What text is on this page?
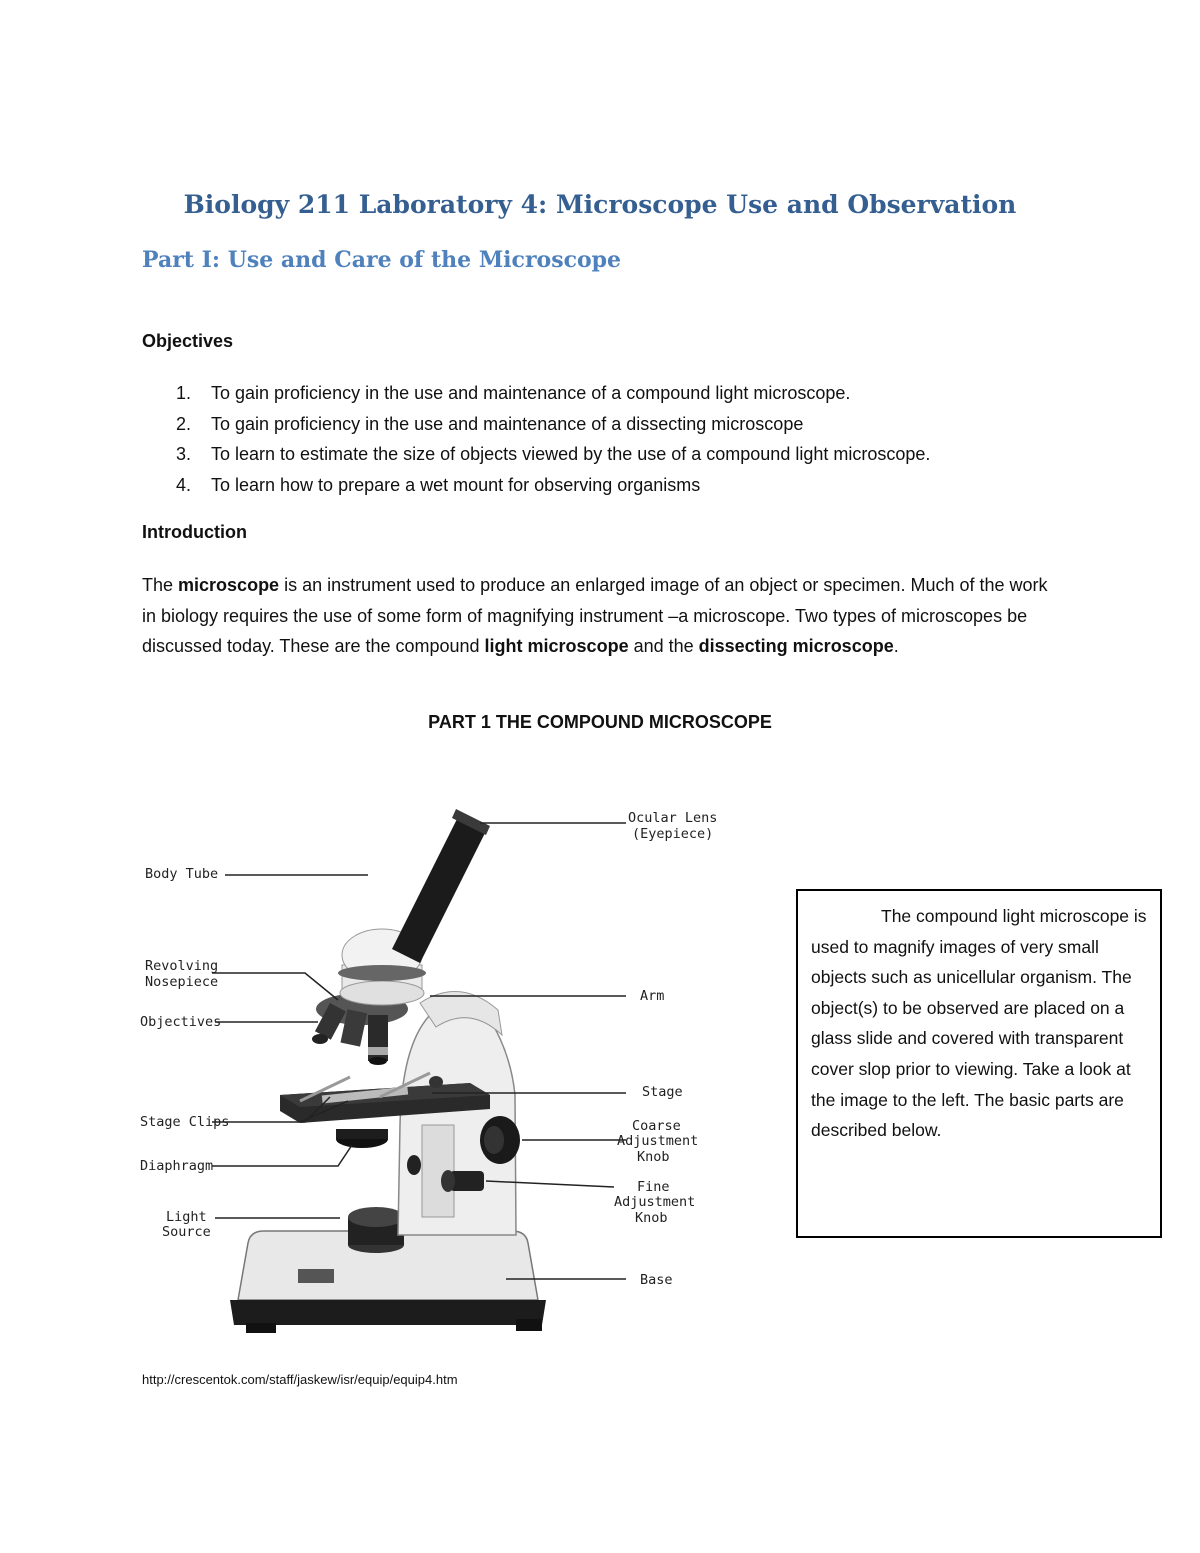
Biology 211 Laboratory 4: Microscope Use and Observation
Part I: Use and Care of the Microscope
Objectives
1. To gain proficiency in the use and maintenance of a compound light microscope.
2. To gain proficiency in the use and maintenance of a dissecting microscope
3. To learn to estimate the size of objects viewed by the use of a compound light microscope.
4. To learn how to prepare a wet mount for observing organisms
Introduction

The microscope is an instrument used to produce an enlarged image of an object or specimen. Much of the work in biology requires the use of some form of magnifying instrument –a microscope. Two types of microscopes be discussed today. These are the compound light microscope and the dissecting microscope.

PART 1 THE COMPOUND MICROSCOPE
Ocular Lens
(Eyepiece)
Body Tube
Revolving
Nosepiece
Objectives
Arm
Stage
Stage Clips
Diaphragm
Light
Source
Coarse
Adjustment
Knob
Fine
Adjustment
Knob
Base

The compound light microscope is used to magnify images of very small objects such as unicellular organism. The object(s) to be observed are placed on a glass slide and covered with transparent cover slop prior to viewing. Take a look at the image to the left. The basic parts are described below.

http://crescentok.com/staff/jaskew/isr/equip/equip4.htm
